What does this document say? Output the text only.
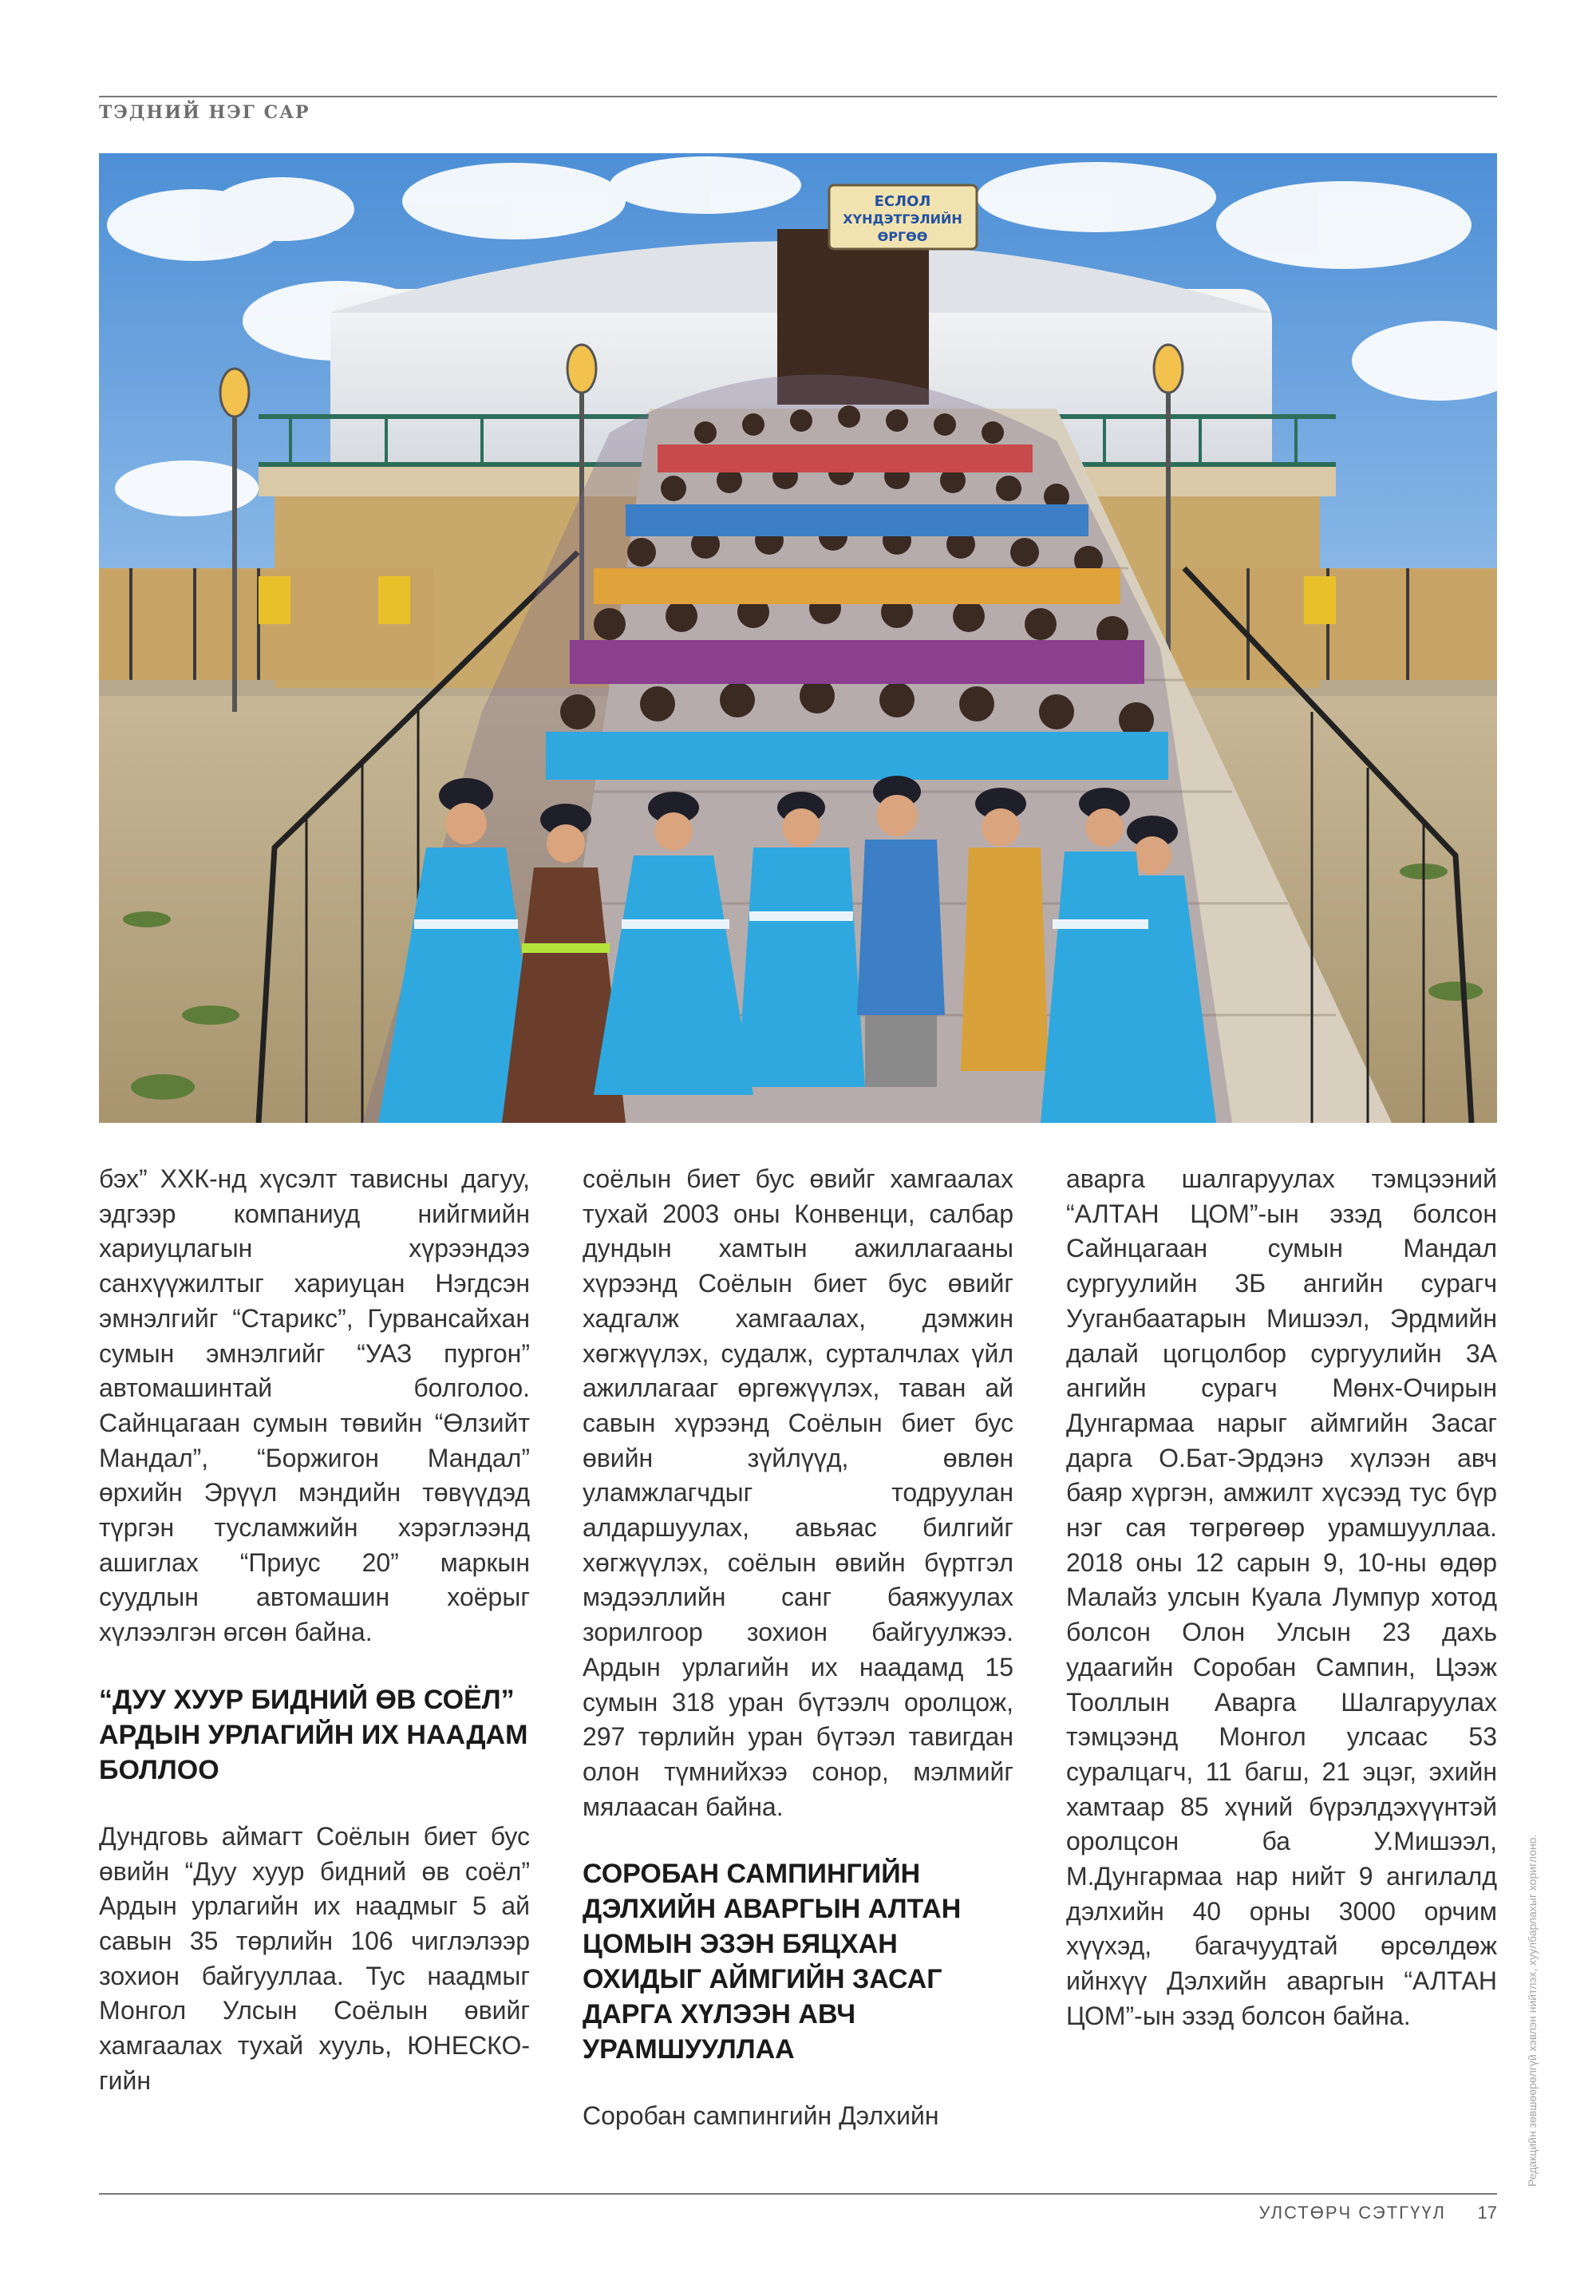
ТЭДНИЙ НЭГ САР
ЕСЛОЛ
ХҮНДЭТГЭЛИЙН
ӨРГӨӨ

бэх” ХХК-нд хүсэлт тависны дагуу, эдгээр компаниуд нийгмийн хариуцлагын хүрээндээ санхүүжилтыг хариуцан Нэгдсэн эмнэлгийг “Старикс”, Гурвансайхан сумын эмнэлгийг “УАЗ пургон” автомашинтай болголоо. Сайнцагаан сумын төвийн “Өлзийт Мандал”, “Боржигон Мандал” өрхийн Эрүүл мэндийн төвүүдэд түргэн тусламжийн хэрэглээнд ашиглах “Приус 20” маркын суудлын автомашин хоёрыг хүлээлгэн өгсөн байна.

“ДУУ ХУУР БИДНИЙ ӨВ СОЁЛ” АРДЫН УРЛАГИЙН ИХ НААДАМ БОЛЛОО

Дундговь аймагт Соёлын биет бус өвийн “Дуу хуур бидний өв соёл” Ардын урлагийн их наадмыг 5 ай савын 35 төрлийн 106 чиглэлээр зохион байгууллаа. Тус наадмыг Монгол Улсын Соёлын өвийг хамгаалах тухай хууль, ЮНЕСКО-гийн

соёлын биет бус өвийг хамгаалах тухай 2003 оны Конвенци, салбар дундын хамтын ажиллагааны хүрээнд Соёлын биет бус өвийг хадгалж хамгаалах, дэмжин хөгжүүлэх, судалж, сурталчлах үйл ажиллагааг өргөжүүлэх, таван ай савын хүрээнд Соёлын биет бус өвийн зүйлүүд, өвлөн уламжлагчдыг тодруулан алдаршуулах, авьяас билгийг хөгжүүлэх, соёлын өвийн бүртгэл мэдээллийн санг баяжуулах зорилгоор зохион байгуулжээ. Ардын урлагийн их наадамд 15 сумын 318 уран бүтээлч оролцож, 297 төрлийн уран бүтээл тавигдан олон түмнийхээ сонор, мэлмийг мялаасан байна.

СОРОБАН САМПИНГИЙН ДЭЛХИЙН АВАРГЫН АЛТАН ЦОМЫН ЭЗЭН БЯЦХАН ОХИДЫГ АЙМГИЙН ЗАСАГ ДАРГА ХҮЛЭЭН АВЧ УРАМШУУЛЛАА

Соробан сампингийн Дэлхийн

аварга шалгаруулах тэмцээний “АЛТАН ЦОМ”-ын эзэд болсон Сайнцагаан сумын Мандал сургуулийн 3Б ангийн сурагч Ууганбаатарын Мишээл, Эрдмийн далай цогцолбор сургуулийн 3А ангийн сурагч Мөнх-Очирын Дунгармаа нарыг аймгийн Засаг дарга О.Бат-Эрдэнэ хүлээн авч баяр хүргэн, амжилт хүсээд тус бүр нэг сая төгрөгөөр урамшууллаа. 2018 оны 12 сарын 9, 10-ны өдөр Малайз улсын Куала Лумпур хотод болсон Олон Улсын 23 дахь удаагийн Соробан Сампин, Цээж Тооллын Аварга Шалгаруулах тэмцээнд Монгол улсаас 53 суралцагч, 11 багш, 21 эцэг, эхийн хамтаар 85 хүний бүрэлдэхүүнтэй оролцсон ба У.Мишээл, М.Дунгармаа нар нийт 9 ангилалд дэлхийн 40 орны 3000 орчим хүүхэд, багачуудтай өрсөлдөж ийнхүү Дэлхийн аваргын “АЛТАН ЦОМ”-ын эзэд болсон байна.	Редакцийн зөвшөөрөлгүй хэвлэн нийтлэх, хуулбарлахыг хориглоно.
УЛСТӨРЧ СЭТГҮҮЛ 17
